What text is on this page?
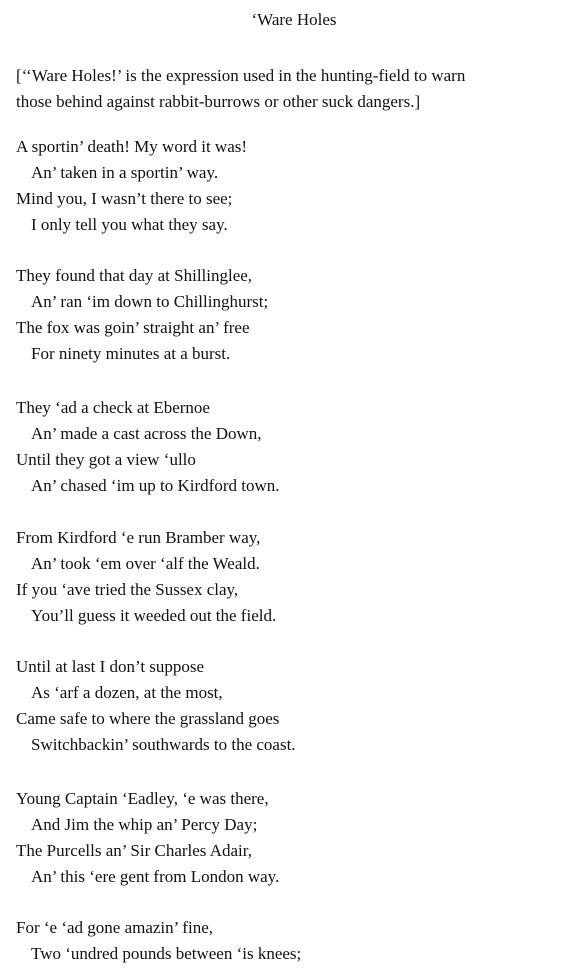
‘Ware Holes
[‘‘Ware Holes!’ is the expression used in the hunting-field to warn
those behind against rabbit-burrows or other suck dangers.]
A sportin’ death! My word it was!
An’ taken in a sportin’ way.
Mind you, I wasn’t there to see;
I only tell you what they say.
They found that day at Shillinglee,
An’ ran ‘im down to Chillinghurst;
The fox was goin’ straight an’ free
For ninety minutes at a burst.
They ‘ad a check at Ebernoe
An’ made a cast across the Down,
Until they got a view ‘ullo
An’ chased ‘im up to Kirdford town.
From Kirdford ‘e run Bramber way,
An’ took ‘em over ‘alf the Weald.
If you ‘ave tried the Sussex clay,
You’ll guess it weeded out the field.
Until at last I don’t suppose
As ‘arf a dozen, at the most,
Came safe to where the grassland goes
Switchbackin’ southwards to the coast.
Young Captain ‘Eadley, ‘e was there,
And Jim the whip an’ Percy Day;
The Purcells an’ Sir Charles Adair,
An’ this ‘ere gent from London way.
For ‘e ‘ad gone amazin’ fine,
Two ‘undred pounds between ‘is knees;
